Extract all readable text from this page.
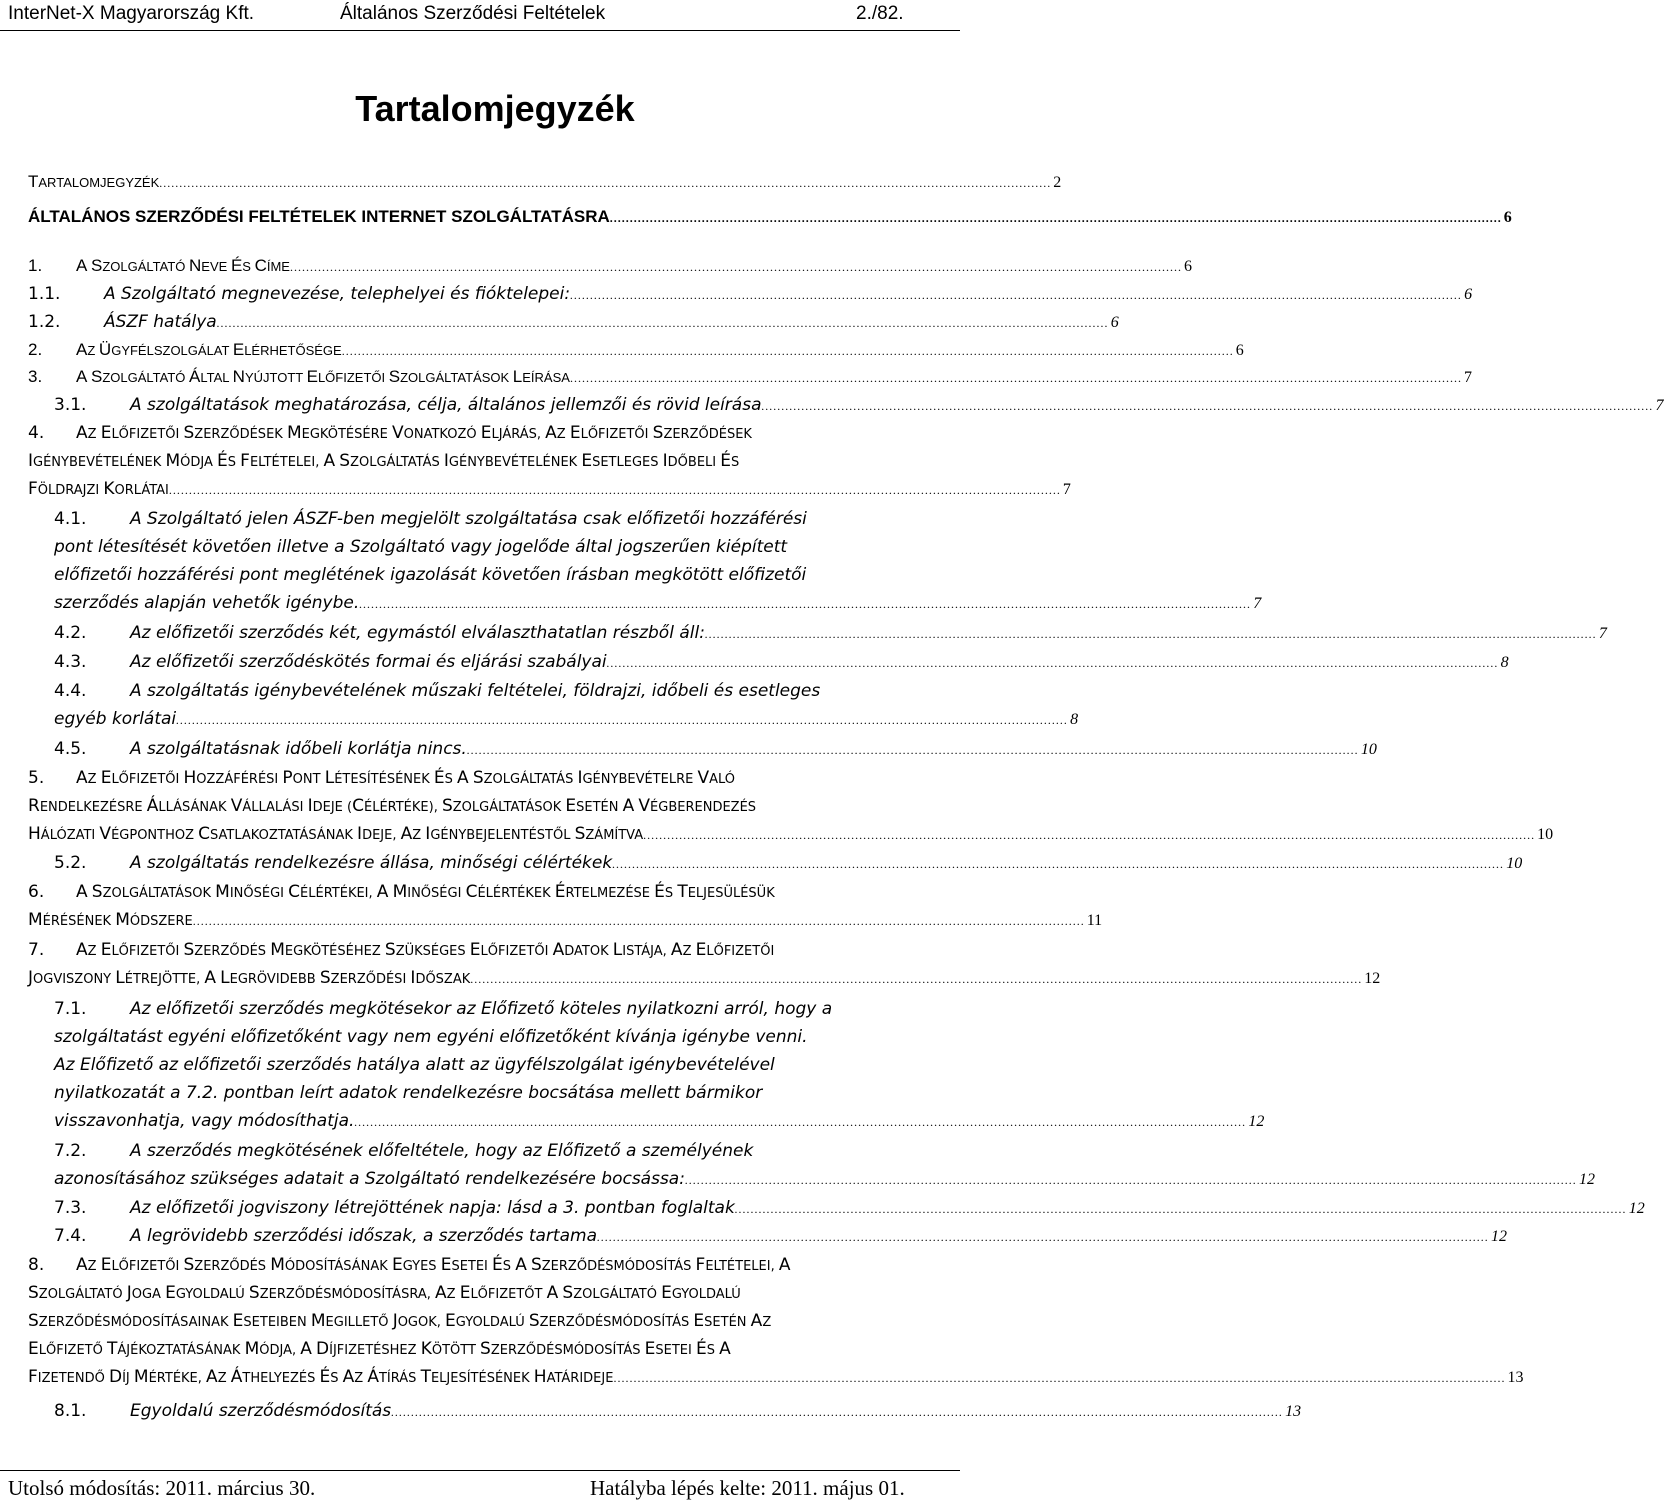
InterNet-X Magyarország Kft.	Általános Szerződési Feltételek	2./82.
Tartalomjegyzék
TARTALOMJEGYZÉK .....	2
ÁLTALÁNOS SZERZŐDÉSI FELTÉTELEK INTERNET SZOLGÁLTATÁSRA .....	6
1.	A SZOLGÁLTATÓ NEVE ÉS CÍME .....	6
1.1.	A Szolgáltató megnevezése, telephelyei és fióktelepei: .....	6
1.2.	ÁSZF hatálya .....	6
2.	AZ ÜGYFÉLSZOLGÁLAT ELÉRHETŐSÉGE .....	6
3.	A SZOLGÁLTATÓ ÁLTAL NYÚJTOTT ELŐFIZETŐI SZOLGÁLTATÁSOK LEÍRÁSA .....	7
3.1.	A szolgáltatások meghatározása, célja, általános jellemzői és rövid leírása .....	7
4. AZ ELŐFIZETŐI SZERZŐDÉSEK MEGKÖTÉSÉRE VONATKOZÓ ELJÁRÁS, AZ ELŐFIZETŐI SZERZŐDÉSEK
IGÉNYBEVÉTELÉNEK MÓDJA ÉS FELTÉTELEI, A SZOLGÁLTATÁS IGÉNYBEVÉTELÉNEK ESETLEGES IDŐBELI ÉS
FÖLDRAJZI KORLÁTAI .....	7
4.1.	A Szolgáltató jelen ÁSZF-ben megjelölt szolgáltatása csak előfizetői hozzáférési
pont létesítését követően illetve a Szolgáltató vagy jogelőde által jogszerűen kiépített
előfizetői hozzáférési pont meglétének igazolását követően írásban megkötött előfizetői
szerződés alapján vehetők igénybe. .....	7
4.2.	Az előfizetői szerződés két, egymástól elválaszthatatlan részből áll: .....	7
4.3.	Az előfizetői szerződéskötés formai és eljárási szabályai .....	8
4.4.	A szolgáltatás igénybevételének műszaki feltételei, földrajzi, időbeli és esetleges
egyéb korlátai .....	8
4.5.	A szolgáltatásnak időbeli korlátja nincs. .....	10
5. AZ ELŐFIZETŐI HOZZÁFÉRÉSI PONT LÉTESÍTÉSÉNEK ÉS A SZOLGÁLTATÁS IGÉNYBEVÉTELRE VALÓ
RENDELKEZÉSRE ÁLLÁSÁNAK VÁLLALÁSI IDEJE (CÉLÉRTÉKE), SZOLGÁLTATÁSOK ESETÉN A VÉGBERENDEZÉS
HÁLÓZATI VÉGPONTHOZ CSATLAKOZTATÁSÁNAK IDEJE, AZ IGÉNYBEJELENTÉSTŐL SZÁMÍTVA .....	10
5.2.	A szolgáltatás rendelkezésre állása, minőségi célértékek .....	10
6. A SZOLGÁLTATÁSOK MINŐSÉGI CÉLÉRTÉKEI, A MINŐSÉGI CÉLÉRTÉKEK ÉRTELMEZÉSE ÉS TELJESÜLÉSÜK
MÉRÉSÉNEK MÓDSZERE .....	11
7. AZ ELŐFIZETŐI SZERZŐDÉS MEGKÖTÉSÉHEZ SZÜKSÉGES ELŐFIZETŐI ADATOK LISTÁJA, AZ ELŐFIZETŐI
JOGVISZONY LÉTREJÖTTE, A LEGRÖVIDEBB SZERZŐDÉSI IDŐSZAK .....	12
7.1.	Az előfizetői szerződés megkötésekor az Előfizető köteles nyilatkozni arról, hogy a
szolgáltatást egyéni előfizetőként vagy nem egyéni előfizetőként kívánja igénybe venni.
Az Előfizető az előfizetői szerződés hatálya alatt az ügyfélszolgálat igénybevételével
nyilatkozatát a 7.2. pontban leírt adatok rendelkezésre bocsátása mellett bármikor
visszavonhatja, vagy módosíthatja. .....	12
7.2.	A szerződés megkötésének előfeltétele, hogy az Előfizető a személyének
azonosításához szükséges adatait a Szolgáltató rendelkezésére bocsássa: .....	12
7.3.	Az előfizetői jogviszony létrejöttének napja: lásd a 3. pontban foglaltak .....	12
7.4.	A legrövidebb szerződési időszak, a szerződés tartama .....	12
8. AZ ELŐFIZETŐI SZERZŐDÉS MÓDOSÍTÁSÁNAK EGYES ESETEI ÉS A SZERZŐDÉSMÓDOSÍTÁS FELTÉTELEI, A
SZOLGÁLTATÓ JOGA EGYOLDALÚ SZERZŐDÉSMÓDOSÍTÁSRA, AZ ELŐFIZETŐT A SZOLGÁLTATÓ EGYOLDALÚ
SZERZŐDÉSMÓDOSÍTÁSAINAK ESETEIBEN MEGILLETŐ JOGOK, EGYOLDALÚ SZERZŐDÉSMÓDOSÍTÁS ESETÉN AZ
ELŐFIZETŐ TÁJÉKOZTATÁSÁNAK MÓDJA, A DÍJFIZETÉSHEZ KÖTÖTT SZERZŐDÉSMÓDOSÍTÁS ESETEI ÉS A
FIZETENDŐ DÍJ MÉRTÉKE, AZ ÁTHELYEZÉS ÉS AZ ÁTÍRÁS TELJESÍTÉSÉNEK HATÁRIDEJE .....	13
8.1.	Egyoldalú szerződésmódosítás .....	13
Utolsó módosítás: 2011. március 30.	Hatályba lépés kelte: 2011. május 01.
